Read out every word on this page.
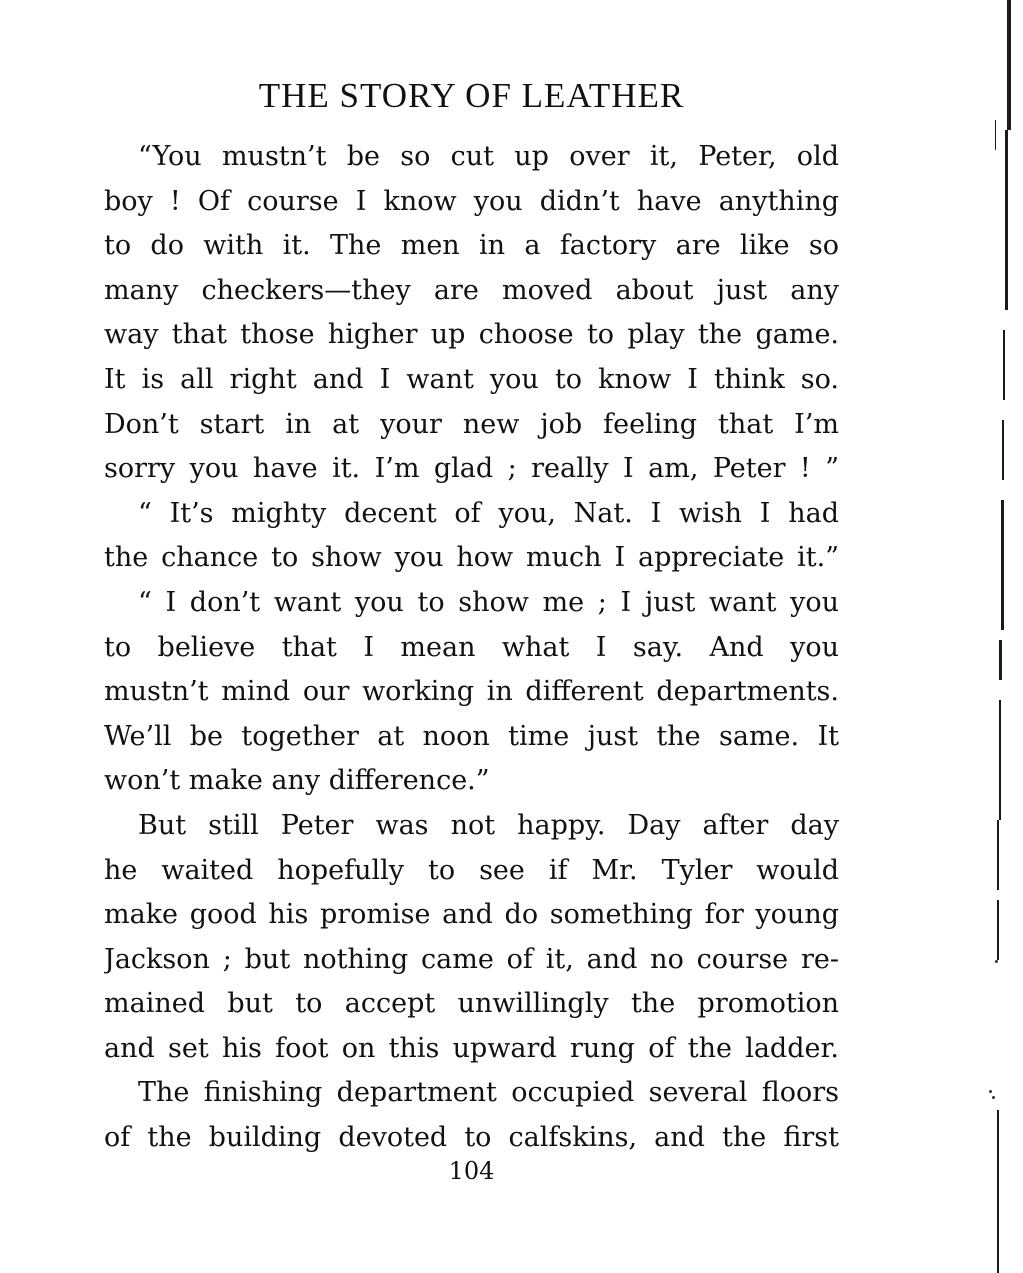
THE STORY OF LEATHER
“You mustn’t be so cut up over it, Peter, old
boy ! Of course I know you didn’t have anything
to do with it. The men in a factory are like so
many checkers—they are moved about just any
way that those higher up choose to play the game.
It is all right and I want you to know I think so.
Don’t start in at your new job feeling that I’m
sorry you have it. I’m glad ; really I am, Peter ! ”
“ It’s mighty decent of you, Nat. I wish I had
the chance to show you how much I appreciate it.”
“ I don’t want you to show me ; I just want you
to believe that I mean what I say. And you
mustn’t mind our working in different departments.
We’ll be together at noon time just the same. It
won’t make any difference.”
But still Peter was not happy. Day after day
he waited hopefully to see if Mr. Tyler would
make good his promise and do something for young
Jackson ; but nothing came of it, and no course re-
mained but to accept unwillingly the promotion
and set his foot on this upward rung of the ladder.
The finishing department occupied several floors
of the building devoted to calfskins, and the first
104
